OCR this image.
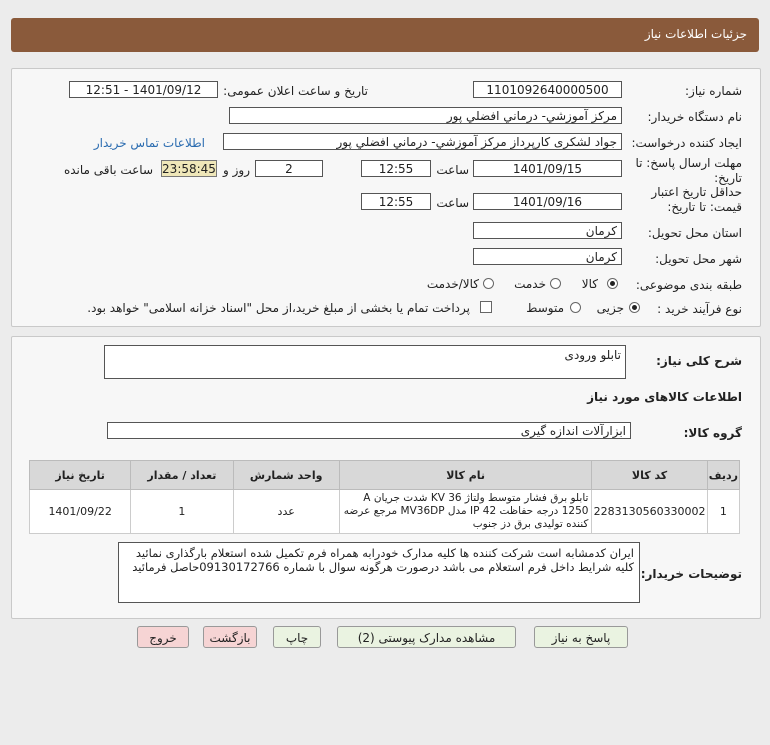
جزئیات اطلاعات نیاز
شماره نیاز:
1101092640000500
تاریخ و ساعت اعلان عمومی:
1401/09/12 - 12:51
نام دستگاه خریدار:
مرکز آموزشي- درماني افضلي پور
ایجاد کننده درخواست:
جواد لشکری کارپرداز مرکز آموزشي- درماني افضلي پور
اطلاعات تماس خریدار
مهلت ارسال پاسخ: تا تاریخ:
1401/09/15
ساعت
12:55
2
روز و
23:58:45
ساعت باقی مانده
حداقل تاریخ اعتبار قیمت: تا تاریخ:
1401/09/16
ساعت
12:55
استان محل تحویل:
کرمان
شهر محل تحویل:
کرمان
طبقه بندی موضوعی:
کالا
خدمت
کالا/خدمت
نوع فرآیند خرید :
جزیی
متوسط
پرداخت تمام یا بخشی از مبلغ خرید،از محل "اسناد خزانه اسلامی" خواهد بود.
شرح کلی نیاز:
تابلو ورودی
اطلاعات کالاهای مورد نیاز
گروه کالا:
ابزارآلات اندازه گیری
ردیف	کد کالا	نام کالا	واحد شمارش	تعداد / مقدار	تاریخ نیاز
1	2283130560330002	تابلو برق فشار متوسط ولتاژ KV 36 شدت جریان A 1250 درجه حفاظت IP 42 مدل MV36DP مرجع عرضه کننده تولیدی برق دز جنوب	عدد	1	1401/09/22
توضیحات خریدار:
ایران کدمشابه است شرکت کننده ها کلیه مدارک خودرابه همراه فرم تکمیل شده استعلام بارگذاری نمائید کلیه شرایط داخل فرم استعلام می باشد درصورت هرگونه سوال با شماره 09130172766حاصل فرمائید
پاسخ به نیاز
مشاهده مدارک پیوستی (2)
چاپ
بازگشت
خروج
